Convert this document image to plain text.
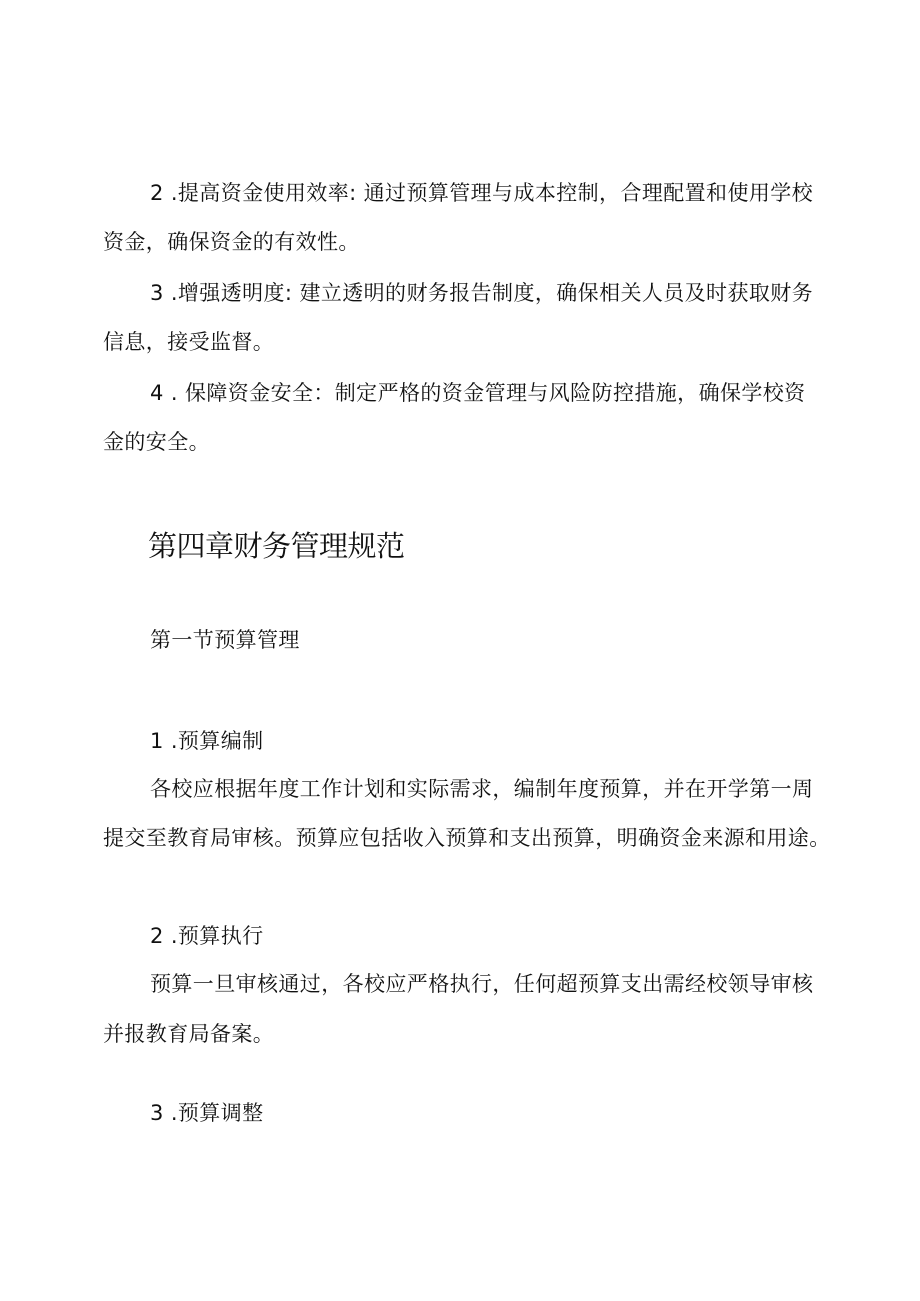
2 .提高资金使用效率: 通过预算管理与成本控制，合理配置和使用学校
资金，确保资金的有效性。
3 .增强透明度: 建立透明的财务报告制度，确保相关人员及时获取财务
信息，接受监督。
4 . 保障资金安全：制定严格的资金管理与风险防控措施，确保学校资
金的安全。
第四章财务管理规范
第一节预算管理
1 .预算编制
各校应根据年度工作计划和实际需求，编制年度预算，并在开学第一周
提交至教育局审核。预算应包括收入预算和支出预算，明确资金来源和用途。
2 .预算执行
预算一旦审核通过，各校应严格执行，任何超预算支出需经校领导审核
并报教育局备案。
3 .预算调整
